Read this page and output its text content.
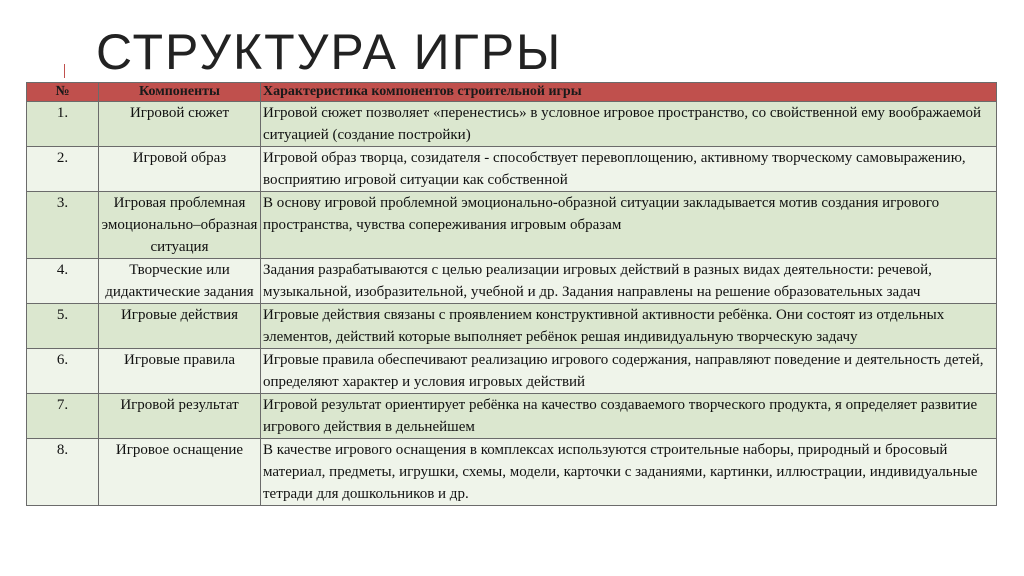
СТРУКТУРА ИГРЫ
№	Компоненты	Характеристика компонентов строительной игры
1.	Игровой сюжет	Игровой сюжет позволяет «перенестись» в условное игровое пространство, со свойственной ему воображаемой ситуацией (создание постройки)
2.	Игровой образ	Игровой образ творца, созидателя - способствует перевоплощению, активному творческому самовыражению, восприятию игровой ситуации как собственной
3.	Игровая проблемная эмоционально–образная ситуация	В основу игровой проблемной эмоционально-образной ситуации закладывается мотив создания игрового пространства, чувства сопереживания игровым образам
4.	Творческие или дидактические задания	Задания разрабатываются с целью реализации игровых действий в разных видах деятельности: речевой, музыкальной, изобразительной, учебной и др. Задания направлены на решение образовательных задач
5.	Игровые действия	Игровые действия связаны с проявлением конструктивной активности ребёнка. Они состоят из отдельных элементов, действий которые выполняет ребёнок решая индивидуальную творческую задачу
6.	Игровые правила	Игровые правила обеспечивают реализацию игрового содержания, направляют поведение и деятельность детей, определяют характер и условия игровых действий
7.	Игровой результат	Игровой результат ориентирует ребёнка на качество создаваемого творческого продукта, я определяет развитие игрового действия в дельнейшем
8.	Игровое оснащение	В качестве игрового оснащения в комплексах используются строительные наборы, природный и бросовый материал, предметы, игрушки, схемы, модели, карточки с заданиями, картинки, иллюстрации, индивидуальные тетради для дошкольников и др.
